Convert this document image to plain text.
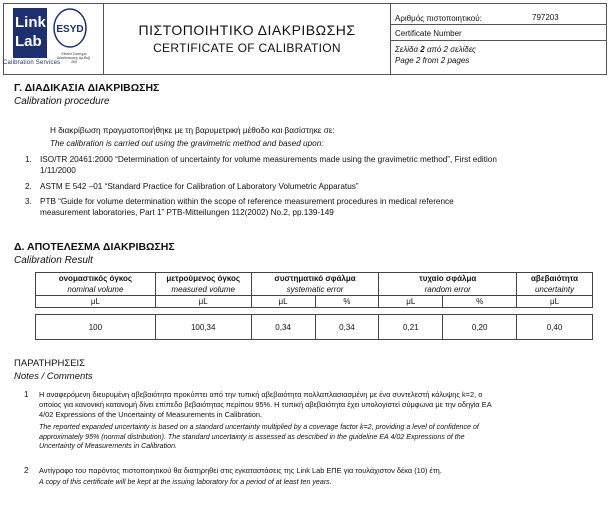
Link
Lab
Calibration Services
ESYD
Εθνικό Σύστημα Διαπίστευσης Αρ.Βεβ. 269
ΠΙΣΤΟΠΟΙΗΤΙΚΟ ΔΙΑΚΡΙΒΩΣΗΣ
CERTIFICATE OF CALIBRATION
Αριθμός πιστοποιητικού:	797203
Certificate Number
Σελίδα 2 από 2 σελίδες
Page 2 from 2 pages
Γ. ΔΙΑΔΙΚΑΣΙΑ ΔΙΑΚΡΙΒΩΣΗΣ
Calibration procedure
Η διακρίβωση πραγματοποιήθηκε με τη βαρυμετρική μέθοδο και βασίστηκε σε:
The calibration is carried out using the gravimetric method and based upon:
1. ISO/TR 20461:2000 “Determination of uncertainty for volume measurements made using the gravimetric method”, First edition
1/11/2000
2. ASTM E 542 –01 “Standard Practice for Calibration of Laboratory Volumetric Apparatus”
3. PTB “Guide for volume determination within the scope of reference measurement procedures in medical reference
measurement laboratories, Part 1” PTB-Mitteilungen 112(2002) No.2, pp.139-149
Δ. ΑΠΟΤΕΛΕΣΜΑ ΔΙΑΚΡΙΒΩΣΗΣ
Calibration Result
ονομαστικός όγκος	μετρούμενος όγκος	συστηματικό σφάλμα		τυχαίο σφάλμα		αβεβαιότητα
nominal volume	measured volume	systematic error		random error		uncertainty
μL	μL	μL	%	μL	%	μL

100	100,34	0,34	0,34	0,21	0,20	0,40
ΠΑΡΑΤΗΡΗΣΕΙΣ
Notes / Comments
1 Η αναφερόμενη διευρυμένη αβεβαιότητα προκύπτει από την τυπική αβεβαιότητα πολλαπλασιασμένη με ένα συντελεστή κάλυψης k=2, ο
οποίος για κανονική κατανομή δίνει επίπεδο βεβαιότητας περίπου 95%. Η τυπική αβεβαιότητα έχει υπολογιστεί σύμφωνα με την οδηγία EA
4/02 Expressions of the Uncertainty of Measurements in Calibration.
The reported expanded uncertainty is based on a standard uncertainty multiplied by a coverage factor k=2, providing a level of confidence of
approximately 95% (normal distribution). The standard uncertainty is assessed as described in the guideline EA 4/02 Expressions of the
Uncertainty of Measurements in Calibration.
2 Αντίγραφο του παρόντος πιστοποιητικού θα διατηρηθεί στις εγκαταστάσεις της Link Lab ΕΠΕ για τουλάχιστον δέκα (10) έτη.
A copy of this certificate will be kept at the issuing laboratory for a period of at least ten years.
